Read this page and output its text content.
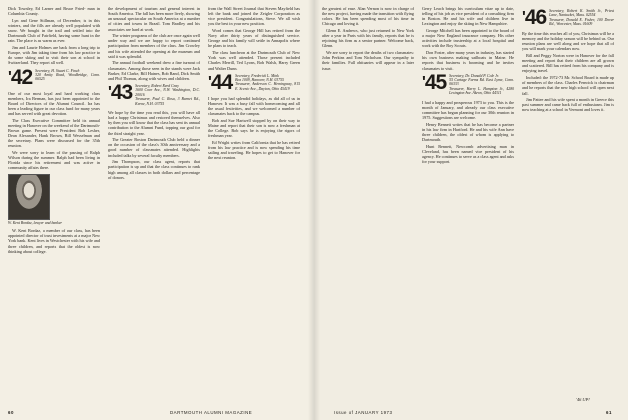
Dick Townley, Ed Larner and Bruce Fried- man in Columbia County.

Lyn and Gene Stillman, of December, is in this winters, and the fills are already well populated with snow. We bought in the trail and settled into the Dartmouth Club of Fairfield, having some hunt in the rain. The place is as warm as ever.

Jim and Laurie Holmes are back from a long trip to Europe, with Jim taking time from his law practice to do some skiing and to visit their son at school in Switzerland. They report all well.

'42 Secretary, H. Stuart C. Finch
320 Amity Road, Woodbridge, Conn. 06525

One of our most loyal and hard working class members, Ira Berman, has just been appointed to the Board of Directors of the Alumni Council. Ira has been a leading figure in our class fund for many years and has served with great devotion.

The Class Executive Committee held its annual meeting in Hanover on the weekend of the Dartmouth-Brown game. Present were President Bob Lesher, Dean Alexander, Hank Brown, Bill Wesselman and the secretary. Plans were discussed for the 35th reunion.

We were sorry to learn of the passing of Ralph Wilson during the summer. Ralph had been living in Florida since his retirement and was active in community affairs there.

W. Kent Bordaz, lawyer and banker

W. Kent Bordaz, a member of our class, has been appointed director of trust investments at a major New York bank. Kent lives in Westchester with his wife and three children, and reports that the oldest is now thinking about college.

the development of tourism and general interest in South America. The fall has been more lively, showing an unusual spectacular on South America at a number of cities and towns in Brazil. Tom Bradley and his associates are hard at work.

The winter programs of the club are once again well under way and we are happy to report continued participation from members of the class. Jim Crowley and his wife attended the opening at the museum and said it was splendid.

The annual football weekend drew a fine turnout of classmates. Among those seen in the stands were Jack Barker, Ed Clarke, Bill Haines, Bob Rand, Dick Smith and Phil Thomas, along with wives and children.

'43 Secretary, Robert Reed Gray
1600 Cove Ave., N.W. Washington, D.C. 20016
Treasurer, Paul C. Rosa, 3 Barnet Rd., Keene, N.H. 03755

We hope by the time you read this, you will have all had a happy Christmas and restored themselves. Also by then you will know that the class has sent its annual contribution to the Alumni Fund, topping our goal for the third straight year.

The Greater Boston Dartmouth Club held a dinner on the occasion of the class's 30th anniversary and a good number of classmates attended. Highlights included talks by several faculty members.

Jim Thompson, our class agent, reports that participation is up and that the class continues to rank high among all classes in both dollars and percentage of donors.

from the Wall Street Journal that Steven Mayfield has left the bank and joined the Zeigler Corporation as vice president. Congratulations, Steve. We all wish you the best in your new position.

Word comes that George Hill has retired from the Navy after thirty years of distinguished service. George and his family will settle in Annapolis where he plans to teach.

The class luncheon at the Dartmouth Club of New York was well attended. Those present included Charles Merrill, Ted Lyons, Bob Walsh, Harry Green and Walter Dunn.

'44 Secretary, Frederick L. Mink
Box 1009, Hanover, N.H. 03755
Treasurer, Anderson C. Hemingway, 815 E. Scenic Ave., Dayton, Ohio 45419

I hope you had splendid holidays, as did all of us in Hanover. It was a busy fall with homecoming and all the usual festivities, and we welcomed a number of classmates back to the campus.

Bob and Sue Hartwell stopped by on their way to Maine and report that their son is now a freshman at the College. Bob says he is enjoying the rigors of freshman year.

Ed Wright writes from California that he has retired from his law practice and is now spending his time sailing and traveling. He hopes to get to Hanover for the next reunion.

60	DARTMOUTH ALUMNI MAGAZINE

the greatest of ease. Alan Vernon is now in charge of the new project, having made the transition with flying colors. He has been spending most of his time in Chicago and loving it.

Glenn E. Andrews, who just returned to New York after a year in Paris with his family, reports that he is rejoining his firm as a senior partner. Welcome back, Glenn.

We are sorry to report the deaths of two classmates: John Perkins and Tom Nicholson. Our sympathy to their families. Full obituaries will appear in a later issue.

Gerry Leach brings his curriculum vitae up to date, telling of his job as vice president of a consulting firm in Boston. He and his wife and children live in Lexington and enjoy the skiing in New Hampshire.

George Mitchell has been appointed to the board of a major New England insurance company. His other activities include trusteeship at a local hospital and work with the Boy Scouts.

Don Foster, after many years in industry, has started his own business making sailboats in Maine. He reports that business is booming and he invites classmates to visit.

'45 Secretary, Dr. Donald P. Cole Jr.
55 Cartage Farms Rd. East Lyme, Conn. 06333
Treasurer, Harry L. Hampton Jr., 4280 Lexington Ave. Akron, Ohio 44311

I had a happy and prosperous 1973 to you. This is the month of January, and already our class executive committee has begun planning for our 30th reunion in 1975. Suggestions are welcome.

Henry Bennett writes that he has become a partner in his law firm in Hartford. He and his wife Ann have three children, the oldest of whom is applying to Dartmouth.

Hunt Bennett, Newcomb advertising man in Cleveland, has been named vice president of his agency. He continues to serve as a class agent and asks for your support.

'46 Secretary, Robert K. Smith Jr., Priest Lane, Nantucket, Mass. 02554
Treasurer, Donald E. Fisher, 100 Dover Rd., Worcester, Mass. 01609

By the time this reaches all of you, Christmas will be a memory and the holiday season will be behind us. Our reunion plans are well along and we hope that all of you will mark your calendars now.

Bill and Peggy Norton were in Hanover for the fall meeting and report that their children are all grown and scattered. Bill has retired from his company and is enjoying travel.

Included: the 1972-73 Mr. School Board is made up of members of the class. Charles Fenwick is chairman and he reports that the new high school will open next fall.

Jim Pattee and his wife spent a month in Greece this past summer and came back full of enthusiasm. Jim is now teaching at a school in Vermont and loves it.

'46 UP!
Issue of JANUARY 1973	61
